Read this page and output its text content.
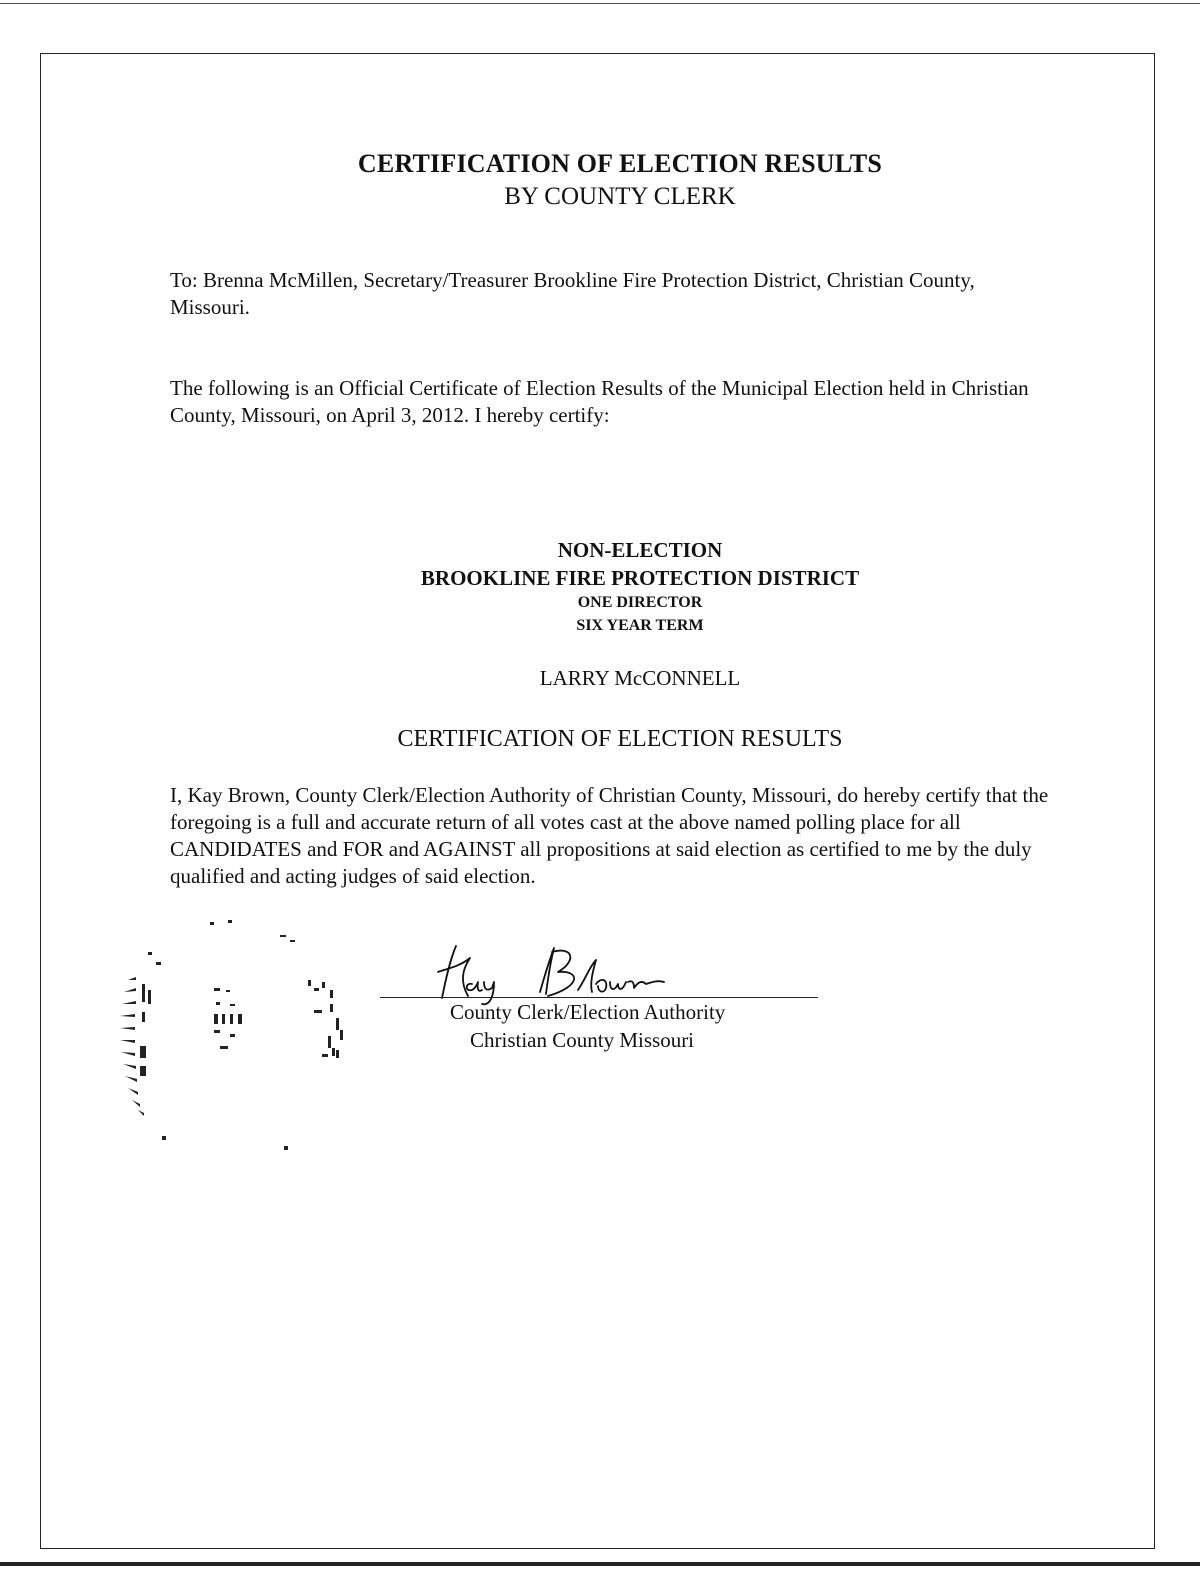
CERTIFICATION OF ELECTION RESULTS
BY COUNTY CLERK
To: Brenna McMillen, Secretary/Treasurer Brookline Fire Protection District, Christian County, Missouri.
The following is an Official Certificate of Election Results of the Municipal Election held in Christian County, Missouri, on April 3, 2012. I hereby certify:
NON-ELECTION
BROOKLINE FIRE PROTECTION DISTRICT
ONE DIRECTOR
SIX YEAR TERM
LARRY McCONNELL
CERTIFICATION OF ELECTION RESULTS
I, Kay Brown, County Clerk/Election Authority of Christian County, Missouri, do hereby certify that the foregoing is a full and accurate return of all votes cast at the above named polling place for all CANDIDATES and FOR and AGAINST all propositions at said election as certified to me by the duly qualified and acting judges of said election.
County Clerk/Election Authority
Christian County Missouri
